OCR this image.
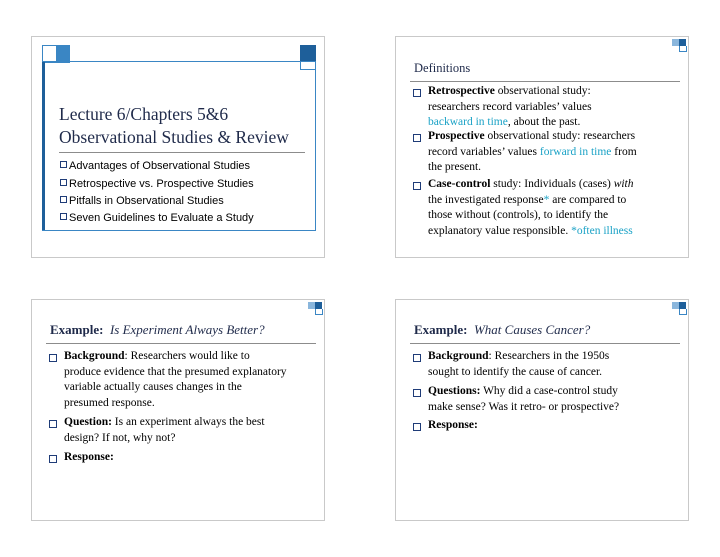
Lecture 6/Chapters 5&6
Observational Studies & Review
Advantages of Observational Studies
Retrospective vs. Prospective Studies
Pitfalls in Observational Studies
Seven Guidelines to Evaluate a Study
Definitions
Retrospective observational study:
researchers record variables’ values
backward in time, about the past.
Prospective observational study: researchers
record variables’ values forward in time from
the present.
Case-control study: Individuals (cases) with
the investigated response* are compared to
those without (controls), to identify the
explanatory value responsible. *often illness
Example: Is Experiment Always Better?
Background: Researchers would like to
produce evidence that the presumed explanatory
variable actually causes changes in the
presumed response.
Question: Is an experiment always the best
design? If not, why not?
Response:
Example: What Causes Cancer?
Background: Researchers in the 1950s
sought to identify the cause of cancer.
Questions: Why did a case-control study
make sense? Was it retro- or prospective?
Response:
